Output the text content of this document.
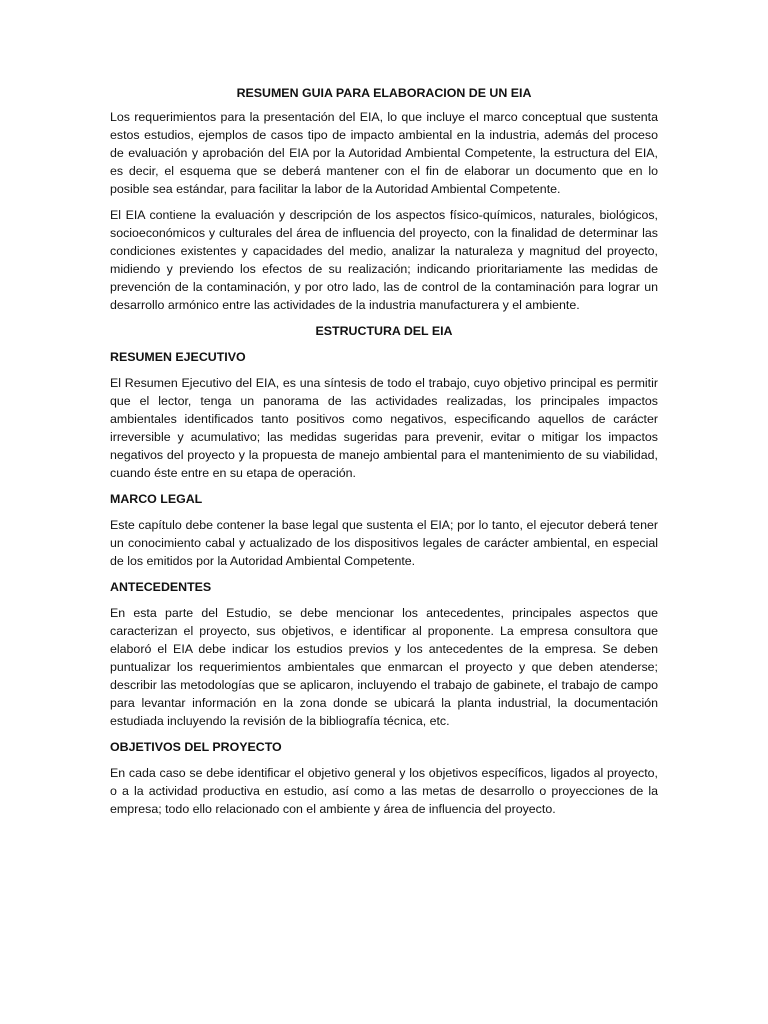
RESUMEN GUIA PARA ELABORACION DE UN EIA

Los requerimientos para la presentación del EIA, lo que incluye el marco conceptual que sustenta estos estudios, ejemplos de casos tipo de impacto ambiental en la industria, además del proceso de evaluación y aprobación del EIA por la Autoridad Ambiental Competente, la estructura del EIA, es decir, el esquema que se deberá mantener con el fin de elaborar un documento que en lo posible sea estándar, para facilitar la labor de la Autoridad Ambiental Competente.

El EIA contiene la evaluación y descripción de los aspectos físico-químicos, naturales, biológicos, socioeconómicos y culturales del área de influencia del proyecto, con la finalidad de determinar las condiciones existentes y capacidades del medio, analizar la naturaleza y magnitud del proyecto, midiendo y previendo los efectos de su realización; indicando prioritariamente las medidas de prevención de la contaminación, y por otro lado, las de control de la contaminación para lograr un desarrollo armónico entre las actividades de la industria manufacturera y el ambiente.

ESTRUCTURA DEL EIA
RESUMEN EJECUTIVO

El Resumen Ejecutivo del EIA, es una síntesis de todo el trabajo, cuyo objetivo principal es permitir que el lector, tenga un panorama de las actividades realizadas, los principales impactos ambientales identificados tanto positivos como negativos, especificando aquellos de carácter irreversible y acumulativo; las medidas sugeridas para prevenir, evitar o mitigar los impactos negativos del proyecto y la propuesta de manejo ambiental para el mantenimiento de su viabilidad, cuando éste entre en su etapa de operación.

MARCO LEGAL

Este capítulo debe contener la base legal que sustenta el EIA; por lo tanto, el ejecutor deberá tener un conocimiento cabal y actualizado de los dispositivos legales de carácter ambiental, en especial de los emitidos por la Autoridad Ambiental Competente.

ANTECEDENTES

En esta parte del Estudio, se debe mencionar los antecedentes, principales aspectos que caracterizan el proyecto, sus objetivos, e identificar al proponente. La empresa consultora que elaboró el EIA debe indicar los estudios previos y los antecedentes de la empresa. Se deben puntualizar los requerimientos ambientales que enmarcan el proyecto y que deben atenderse; describir las metodologías que se aplicaron, incluyendo el trabajo de gabinete, el trabajo de campo para levantar información en la zona donde se ubicará la planta industrial, la documentación estudiada incluyendo la revisión de la bibliografía técnica, etc.

OBJETIVOS DEL PROYECTO

En cada caso se debe identificar el objetivo general y los objetivos específicos, ligados al proyecto, o a la actividad productiva en estudio, así como a las metas de desarrollo o proyecciones de la empresa; todo ello relacionado con el ambiente y área de influencia del proyecto.
